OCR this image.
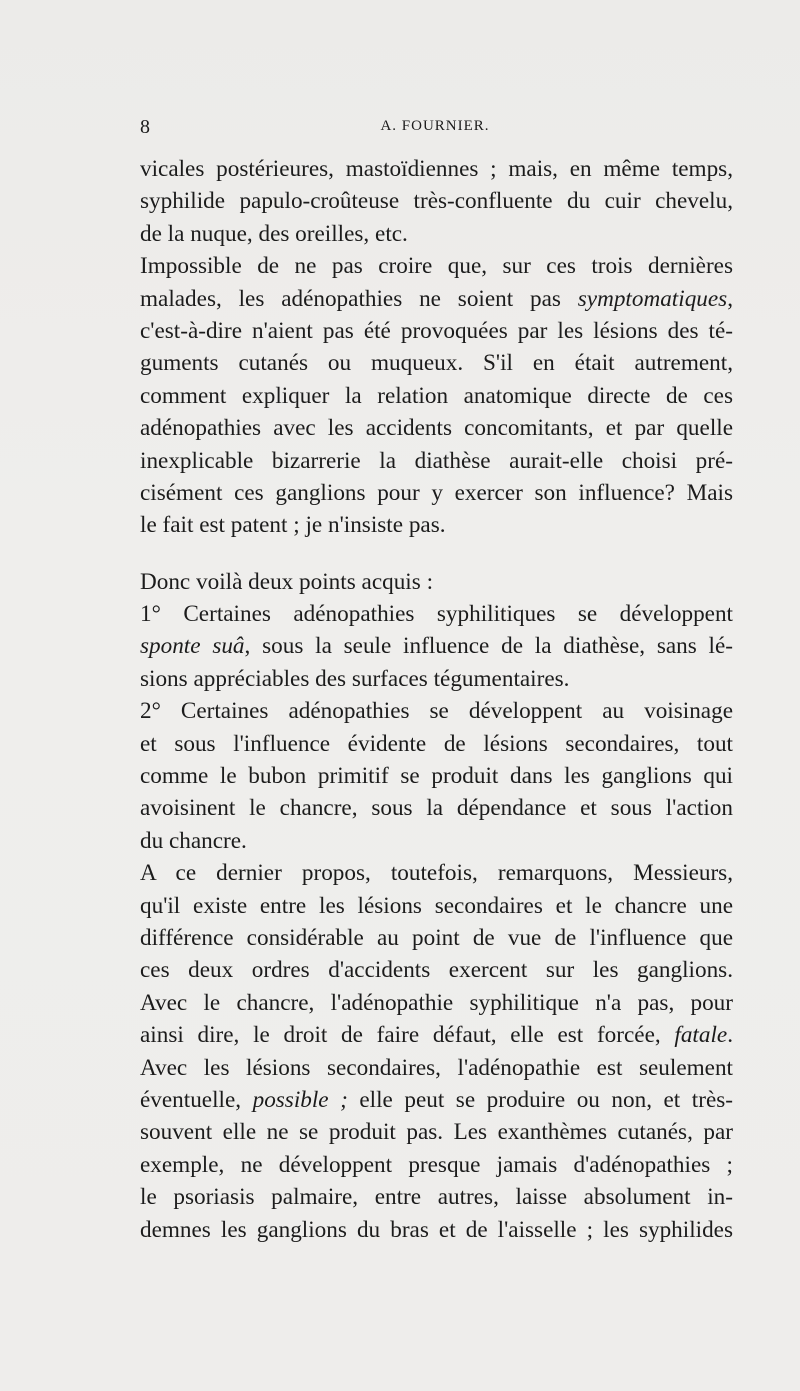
8	A. FOURNIER.
vicales postérieures, mastoïdiennes ; mais, en même temps,
syphilide papulo-croûteuse très-confluente du cuir chevelu,
de la nuque, des oreilles, etc.
Impossible de ne pas croire que, sur ces trois dernières
malades, les adénopathies ne soient pas symptomatiques,
c'est-à-dire n'aient pas été provoquées par les lésions des té-
guments cutanés ou muqueux. S'il en était autrement,
comment expliquer la relation anatomique directe de ces
adénopathies avec les accidents concomitants, et par quelle
inexplicable bizarrerie la diathèse aurait-elle choisi pré-
cisément ces ganglions pour y exercer son influence? Mais
le fait est patent ; je n'insiste pas.
Donc voilà deux points acquis :
1° Certaines adénopathies syphilitiques se développent
sponte suâ, sous la seule influence de la diathèse, sans lé-
sions appréciables des surfaces tégumentaires.
2° Certaines adénopathies se développent au voisinage
et sous l'influence évidente de lésions secondaires, tout
comme le bubon primitif se produit dans les ganglions qui
avoisinent le chancre, sous la dépendance et sous l'action
du chancre.
A ce dernier propos, toutefois, remarquons, Messieurs,
qu'il existe entre les lésions secondaires et le chancre une
différence considérable au point de vue de l'influence que
ces deux ordres d'accidents exercent sur les ganglions.
Avec le chancre, l'adénopathie syphilitique n'a pas, pour
ainsi dire, le droit de faire défaut, elle est forcée, fatale.
Avec les lésions secondaires, l'adénopathie est seulement
éventuelle, possible ; elle peut se produire ou non, et très-
souvent elle ne se produit pas. Les exanthèmes cutanés, par
exemple, ne développent presque jamais d'adénopathies ;
le psoriasis palmaire, entre autres, laisse absolument in-
demnes les ganglions du bras et de l'aisselle ; les syphilides
